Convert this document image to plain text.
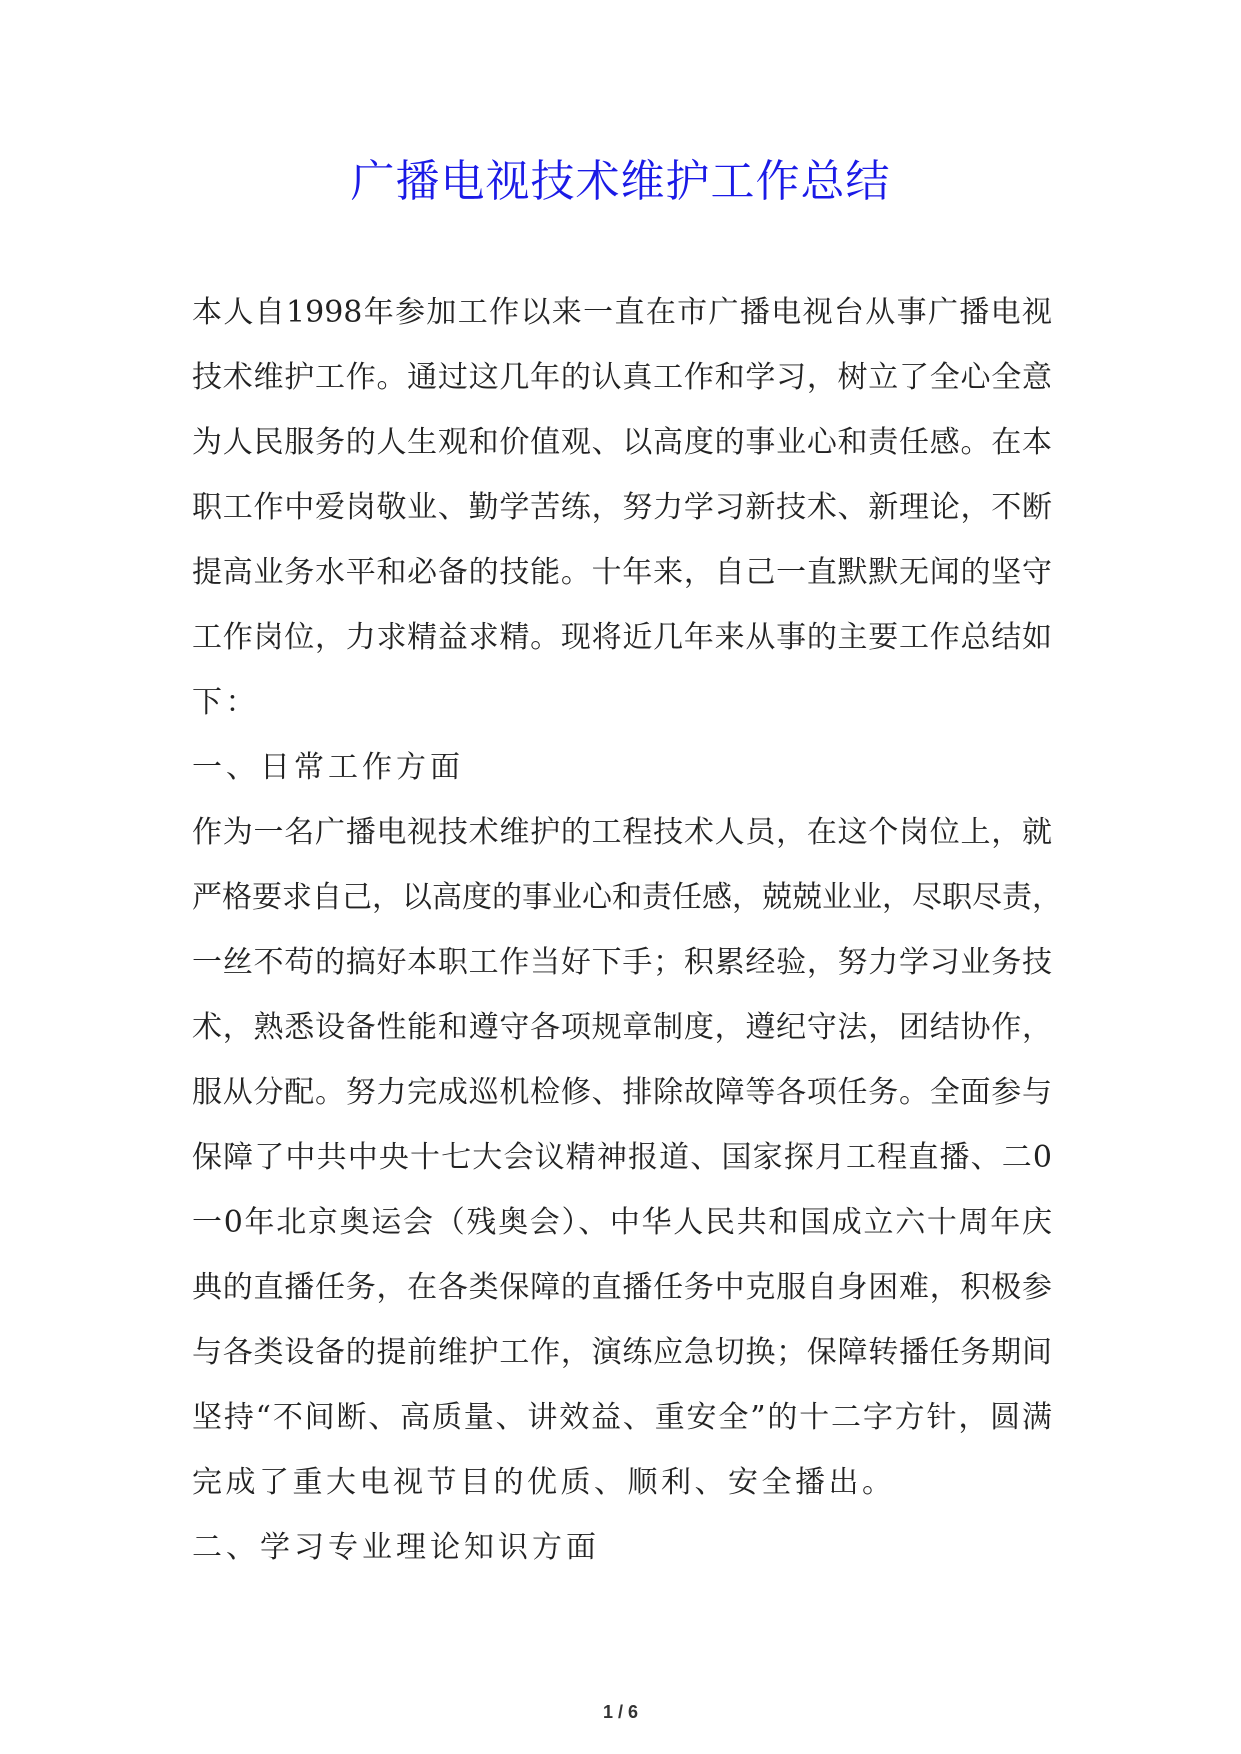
广播电视技术维护工作总结
本人自1998年参加工作以来一直在市广播电视台从事广播电视
技术维护工作。通过这几年的认真工作和学习，树立了全心全意
为人民服务的人生观和价值观、以高度的事业心和责任感。在本
职工作中爱岗敬业、勤学苦练，努力学习新技术、新理论，不断
提高业务水平和必备的技能。十年来，自己一直默默无闻的坚守
工作岗位，力求精益求精。现将近几年来从事的主要工作总结如
下：
一、日常工作方面
作为一名广播电视技术维护的工程技术人员，在这个岗位上，就
严格要求自己，以高度的事业心和责任感，兢兢业业，尽职尽责，
一丝不苟的搞好本职工作当好下手；积累经验，努力学习业务技
术，熟悉设备性能和遵守各项规章制度，遵纪守法，团结协作，
服从分配。努力完成巡机检修、排除故障等各项任务。全面参与
保障了中共中央十七大会议精神报道、国家探月工程直播、二0
一0年北京奥运会（残奥会）、中华人民共和国成立六十周年庆
典的直播任务，在各类保障的直播任务中克服自身困难，积极参
与各类设备的提前维护工作，演练应急切换；保障转播任务期间
坚持“不间断、高质量、讲效益、重安全”的十二字方针，圆满
完成了重大电视节目的优质、顺利、安全播出。
二、学习专业理论知识方面
1 / 6
